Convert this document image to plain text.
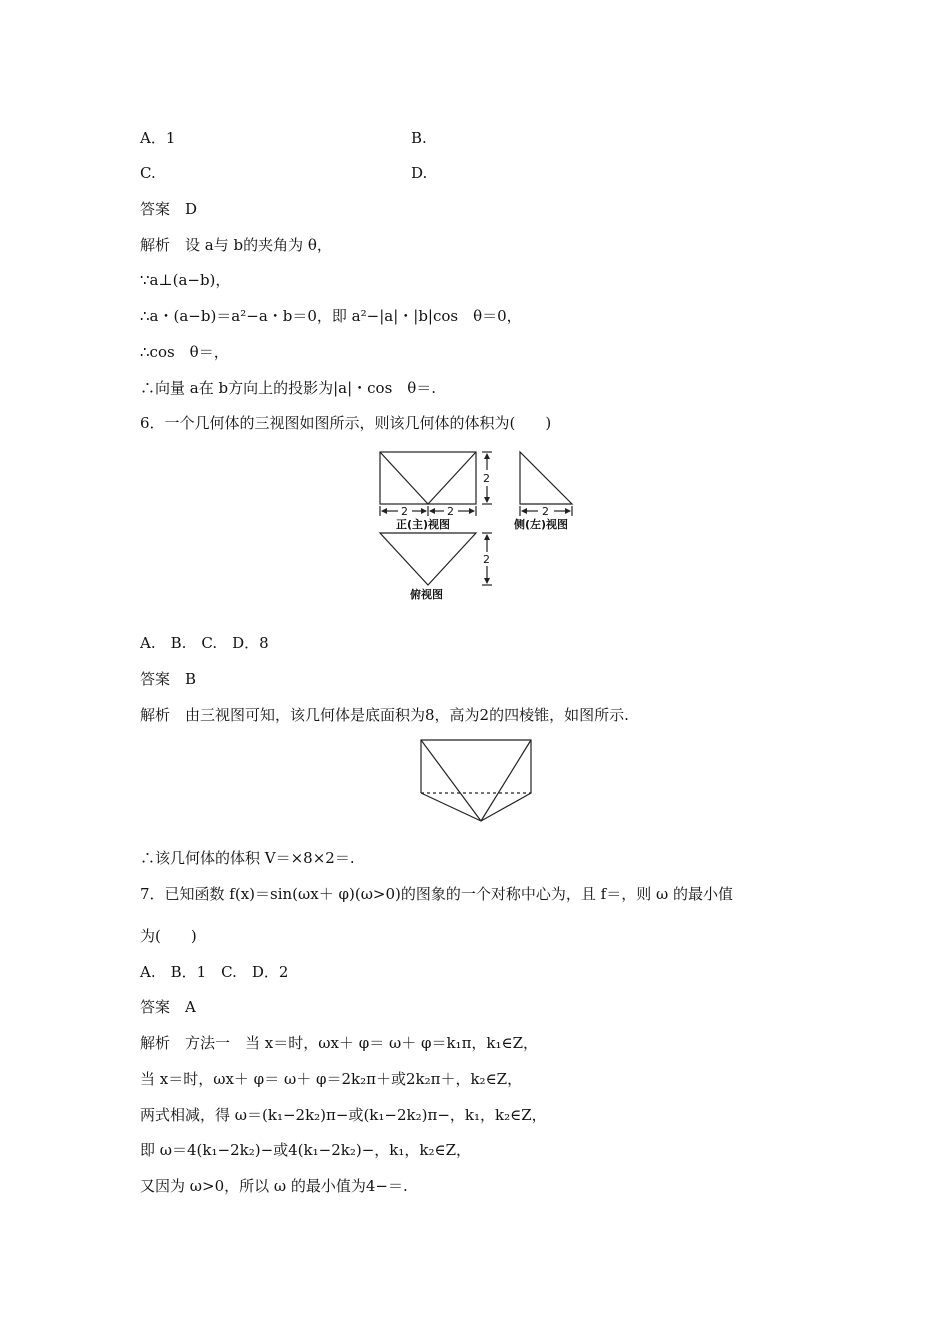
A．1	B.
C.	D.
答案　D
解析　设 a与 b的夹角为 θ，
∵a⊥(a−b)，
∴a・(a−b)＝a²−a・b＝0，即 a²−|a|・|b|cos　θ＝0，
∴cos　θ＝，
∴向量 a在 b方向上的投影为|a|・cos　θ＝.
6．一个几何体的三视图如图所示，则该几何体的体积为(　　)
2
2	2	2
2
正(主)视图	侧(左)视图
俯视图
A.　B.　C.　D．8
答案　B
解析　由三视图可知，该几何体是底面积为8，高为2的四棱锥，如图所示.
∴该几何体的体积 V＝×8×2＝.
7．已知函数 f(x)＝sin(ωx＋ φ)(ω>0)的图象的一个对称中心为，且 f＝，则 ω 的最小值
为(　　)
A.　B．1　C.　D．2
答案　A
解析　方法一　当 x＝时，ωx＋ φ＝ ω＋ φ＝k₁π，k₁∈Z，
当 x＝时，ωx＋ φ＝ ω＋ φ＝2k₂π＋或2k₂π＋，k₂∈Z，
两式相减，得 ω＝(k₁−2k₂)π−或(k₁−2k₂)π−，k₁，k₂∈Z，
即 ω＝4(k₁−2k₂)−或4(k₁−2k₂)−，k₁，k₂∈Z，
又因为 ω>0，所以 ω 的最小值为4−＝.
